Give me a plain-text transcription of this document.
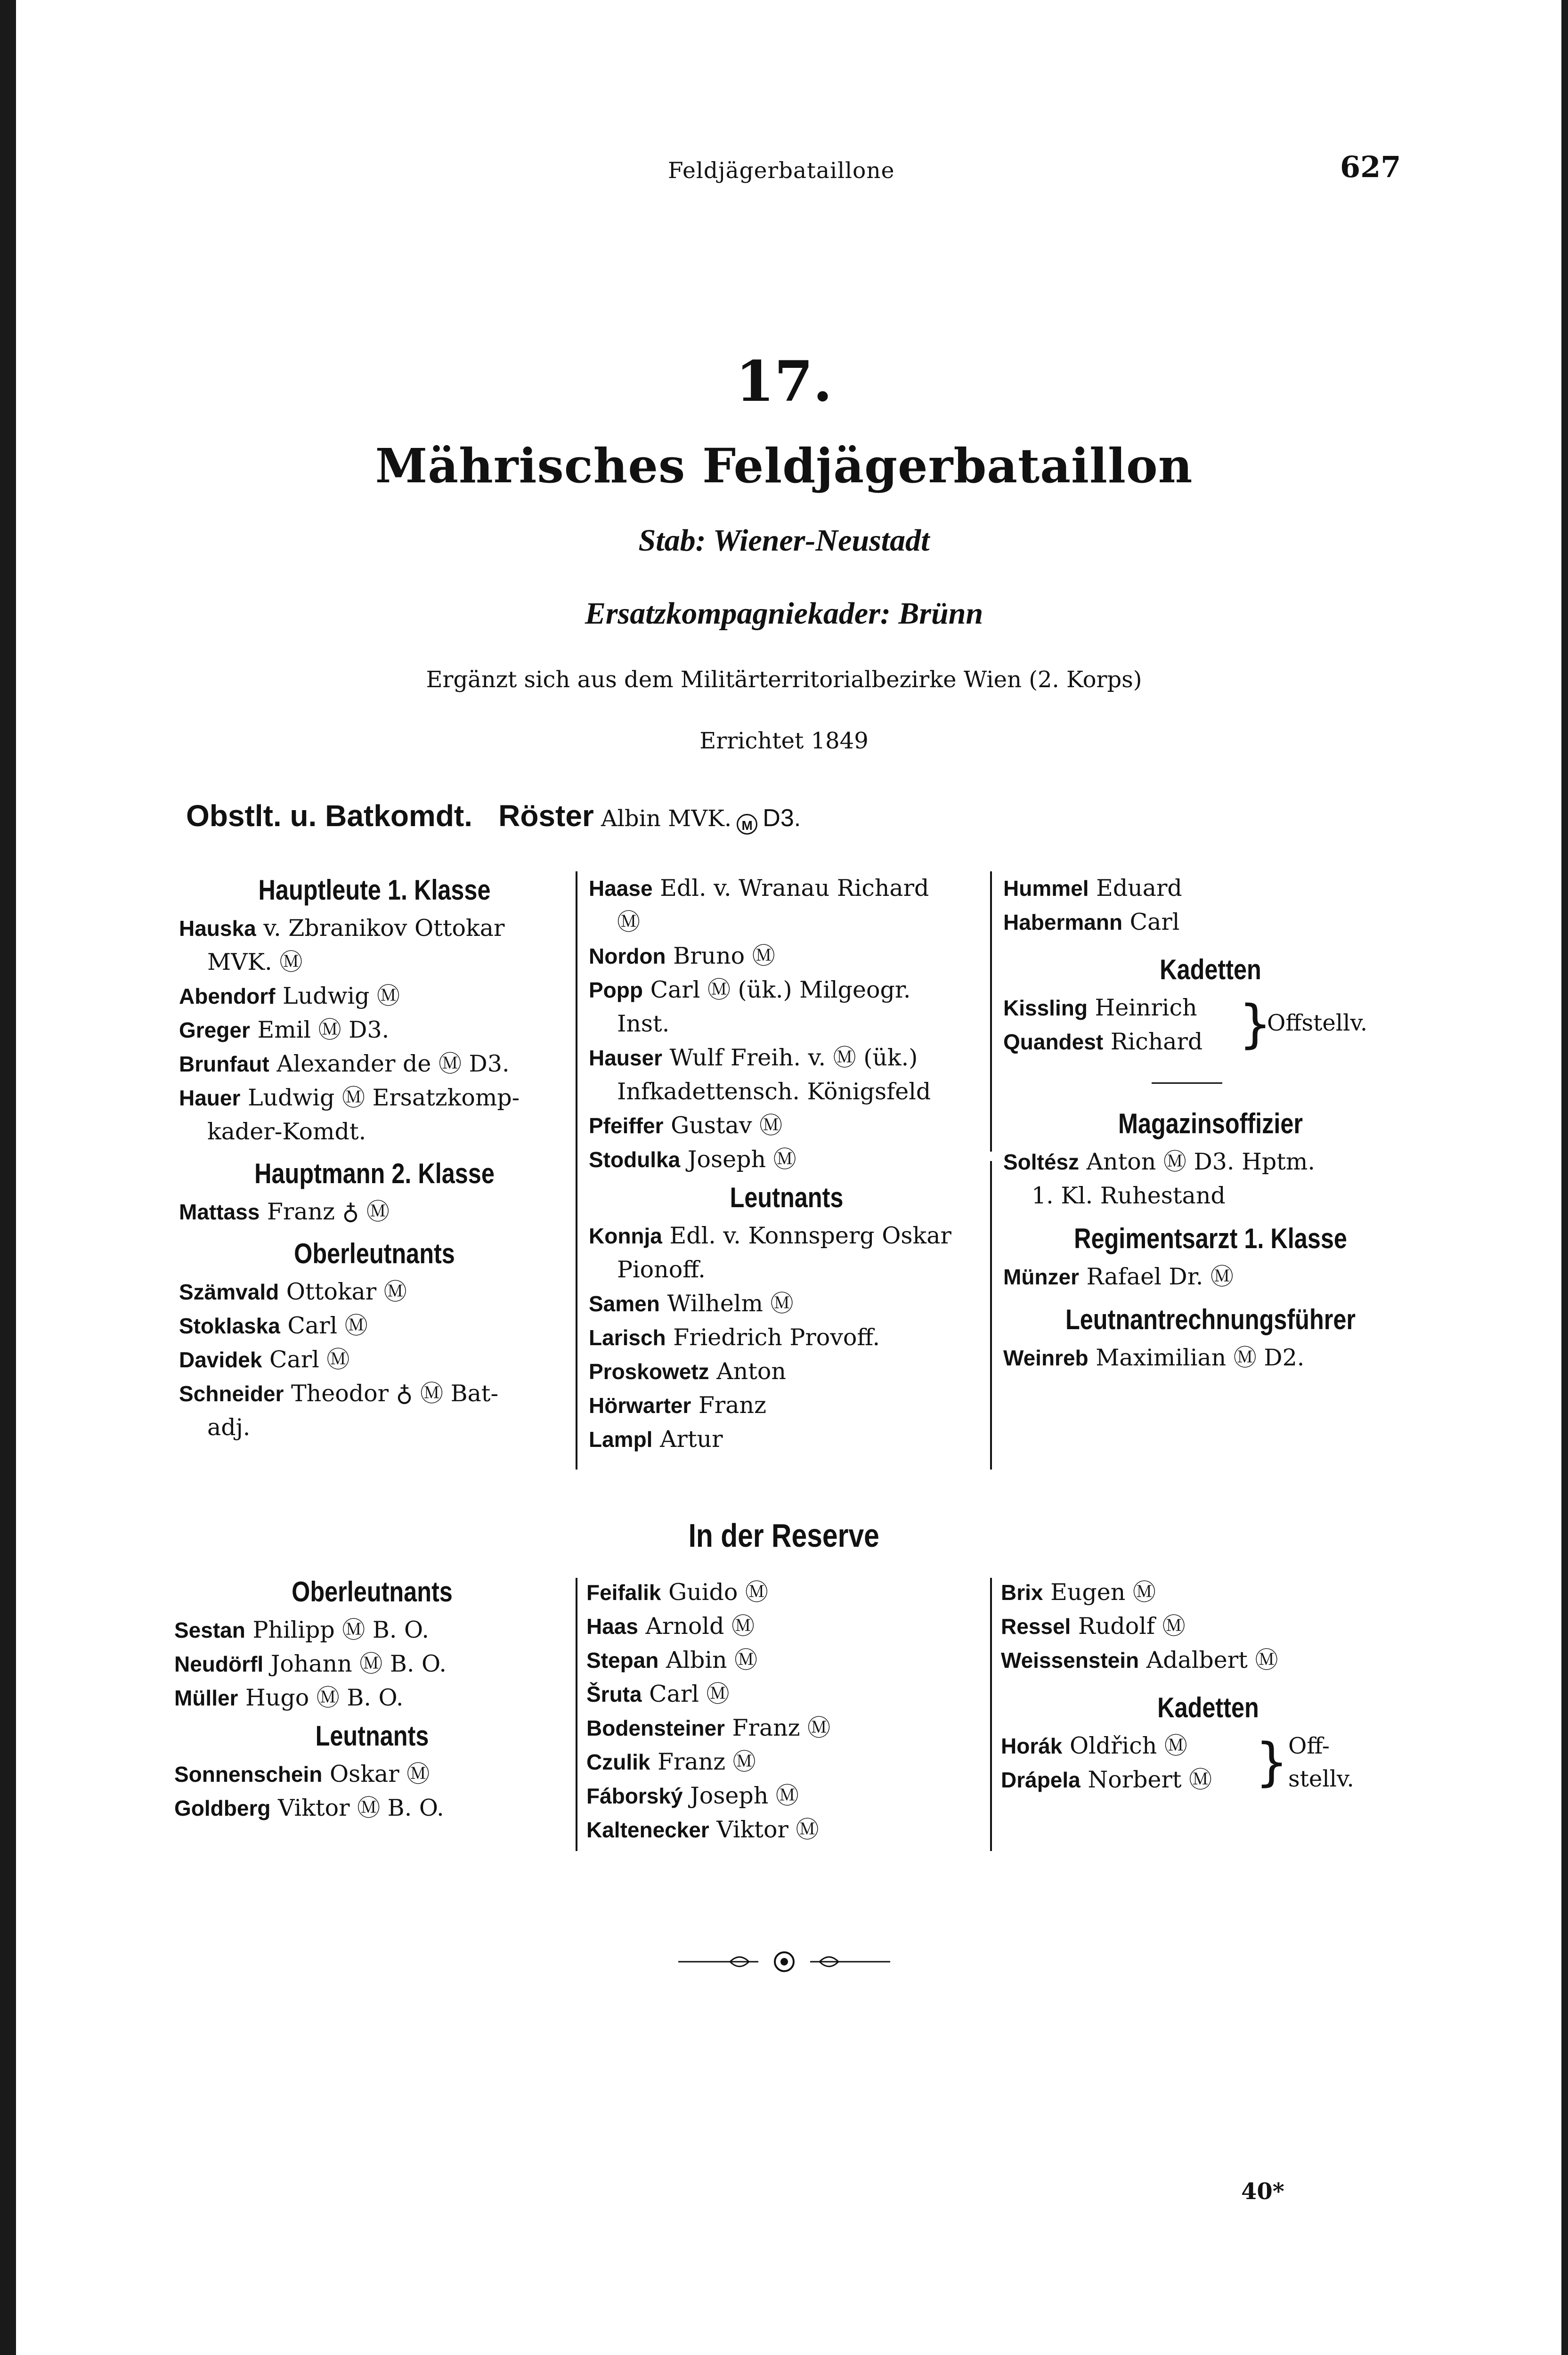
Feldjägerbataillone	627
17.
Mährisches Feldjägerbataillon
Stab: Wiener-Neustadt
Ersatzkompagniekader: Brünn
Ergänzt sich aus dem Militärterritorialbezirke Wien (2. Korps)
Errichtet 1849
Obstlt. u. Batkomdt. Röster Albin MVK. M D3.
Hauptleute 1. Klasse
Hauska v. Zbranikov Ottokar
MVK. Ⓜ
Abendorf Ludwig Ⓜ
Greger Emil Ⓜ D3.
Brunfaut Alexander de Ⓜ D3.
Hauer Ludwig Ⓜ Ersatzkomp-
kader-Komdt.
Hauptmann 2. Klasse
Mattass Franz ♁ Ⓜ
Oberleutnants
Szämvald Ottokar Ⓜ
Stoklaska Carl Ⓜ
Davidek Carl Ⓜ
Schneider Theodor ♁ Ⓜ Bat-
adj.
Haase Edl. v. Wranau Richard
Ⓜ
Nordon Bruno Ⓜ
Popp Carl Ⓜ (ük.) Milgeogr.
Inst.
Hauser Wulf Freih. v. Ⓜ (ük.)
Infkadettensch. Königsfeld
Pfeiffer Gustav Ⓜ
Stodulka Joseph Ⓜ
Leutnants
Konnja Edl. v. Konnsperg Oskar
Pionoff.
Samen Wilhelm Ⓜ
Larisch Friedrich Provoff.
Proskowetz Anton
Hörwarter Franz
Lampl Artur
Hummel Eduard
Habermann Carl
Kadetten
Kissling Heinrich
Quandest Richard }
Offstellv.
Magazinsoffizier
Soltész Anton Ⓜ D3. Hptm.
1. Kl. Ruhestand
Regimentsarzt 1. Klasse
Münzer Rafael Dr. Ⓜ
Leutnantrechnungsführer
Weinreb Maximilian Ⓜ D2.
In der Reserve
Oberleutnants
Sestan Philipp Ⓜ B. O.
Neudörfl Johann Ⓜ B. O.
Müller Hugo Ⓜ B. O.
Leutnants
Sonnenschein Oskar Ⓜ
Goldberg Viktor Ⓜ B. O.
Feifalik Guido Ⓜ
Haas Arnold Ⓜ
Stepan Albin Ⓜ
Šruta Carl Ⓜ
Bodensteiner Franz Ⓜ
Czulik Franz Ⓜ
Fáborský Joseph Ⓜ
Kaltenecker Viktor Ⓜ
Brix Eugen Ⓜ
Ressel Rudolf Ⓜ
Weissenstein Adalbert Ⓜ
Kadetten
Horák Oldřich Ⓜ
Drápela Norbert Ⓜ } Off-
stellv.
40*
